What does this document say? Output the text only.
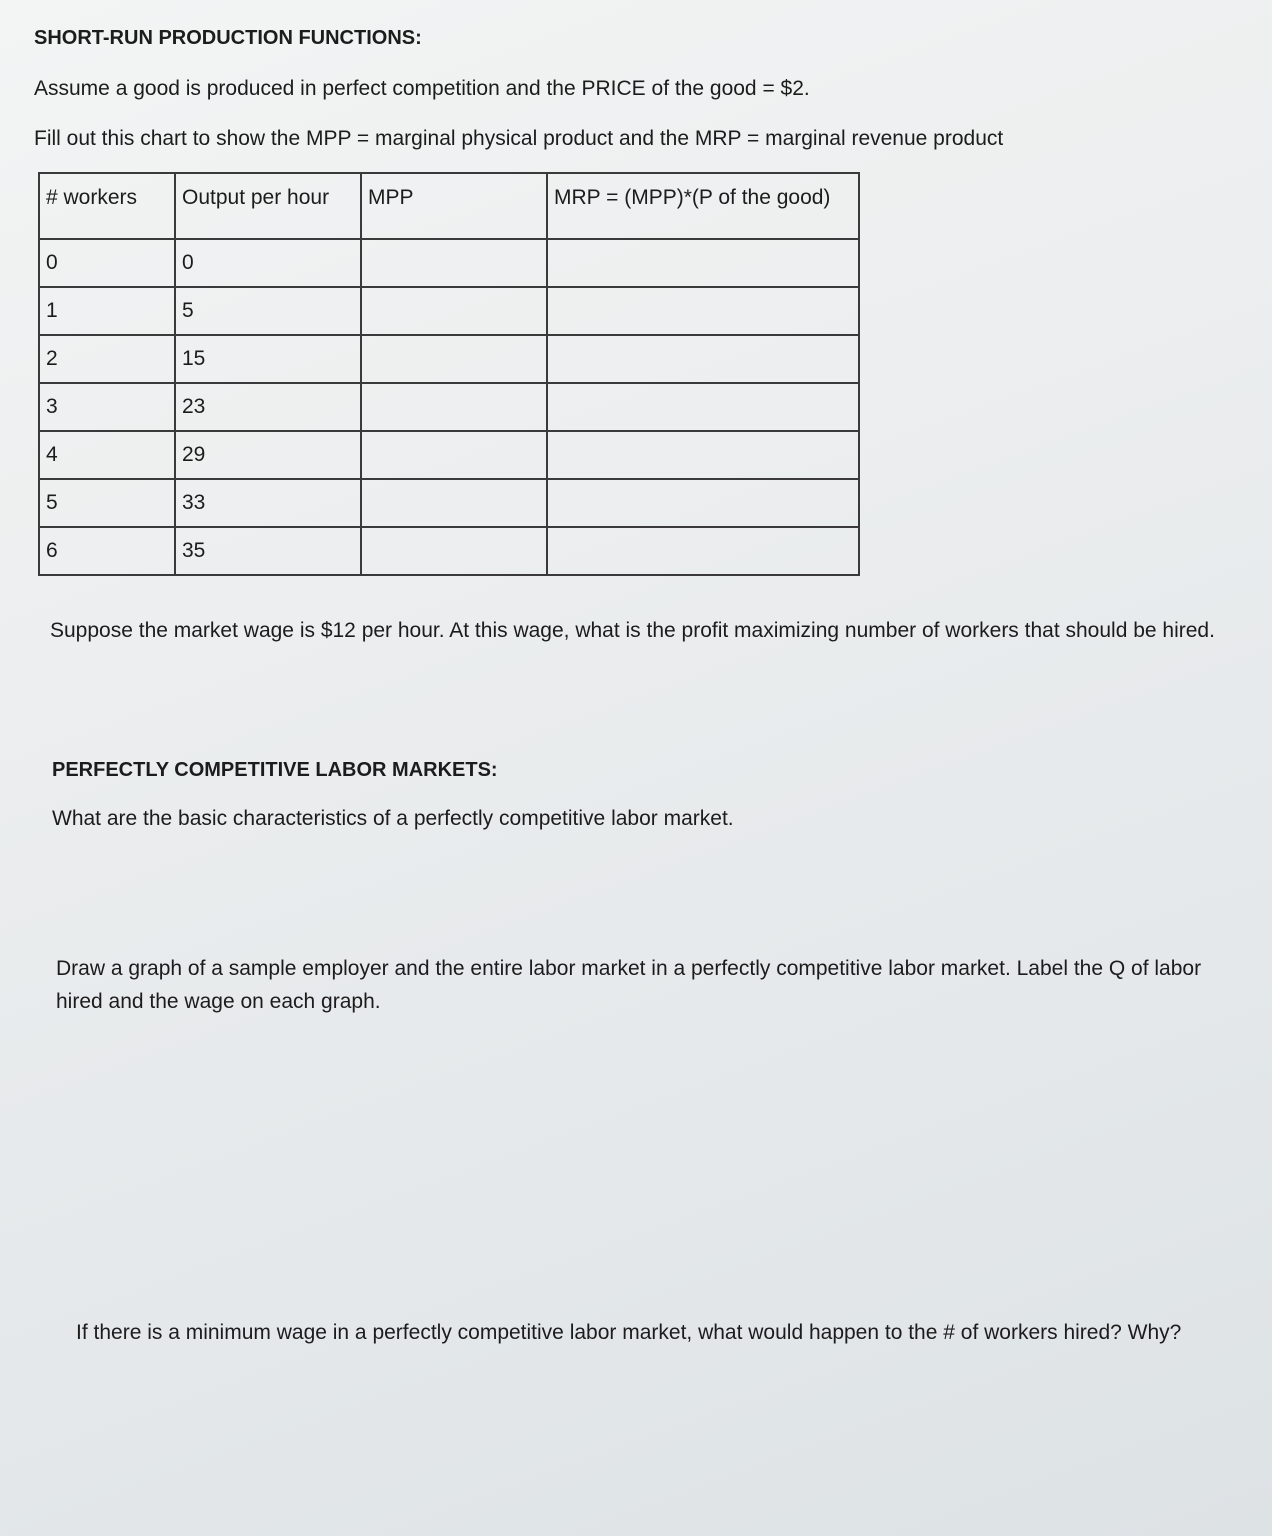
SHORT-RUN PRODUCTION FUNCTIONS:
Assume a good is produced in perfect competition and the PRICE of the good = $2.
Fill out this chart to show the MPP = marginal physical product and the MRP = marginal revenue product
# workers	Output per hour	MPP	MRP = (MPP)*(P of the good)
0	0		
1	5		
2	15		
3	23		
4	29		
5	33		
6	35		
Suppose the market wage is $12 per hour. At this wage, what is the profit maximizing number of workers that should be hired.
PERFECTLY COMPETITIVE LABOR MARKETS:
What are the basic characteristics of a perfectly competitive labor market.
Draw a graph of a sample employer and the entire labor market in a perfectly competitive labor market. Label the Q of labor hired and the wage on each graph.
If there is a minimum wage in a perfectly competitive labor market, what would happen to the # of workers hired? Why?
